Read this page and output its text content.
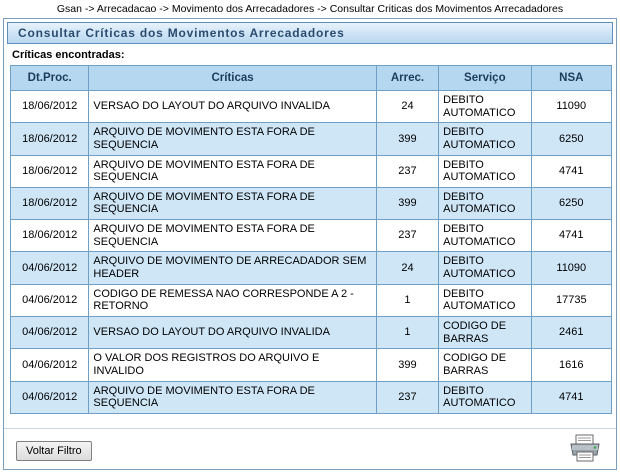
Gsan -> Arrecadacao -> Movimento dos Arrecadadores -> Consultar Criticas dos Movimentos Arrecadadores
Consultar Críticas dos Movimentos Arrecadadores
Críticas encontradas:
Dt.Proc.	Críticas	Arrec.	Serviço	NSA
18/06/2012	VERSAO DO LAYOUT DO ARQUIVO INVALIDA	24	DEBITO AUTOMATICO	11090
18/06/2012	ARQUIVO DE MOVIMENTO ESTA FORA DE SEQUENCIA	399	DEBITO AUTOMATICO	6250
18/06/2012	ARQUIVO DE MOVIMENTO ESTA FORA DE SEQUENCIA	237	DEBITO AUTOMATICO	4741
18/06/2012	ARQUIVO DE MOVIMENTO ESTA FORA DE SEQUENCIA	399	DEBITO AUTOMATICO	6250
18/06/2012	ARQUIVO DE MOVIMENTO ESTA FORA DE SEQUENCIA	237	DEBITO AUTOMATICO	4741
04/06/2012	ARQUIVO DE MOVIMENTO DE ARRECADADOR SEM HEADER	24	DEBITO AUTOMATICO	11090
04/06/2012	CODIGO DE REMESSA NAO CORRESPONDE A 2 - RETORNO	1	DEBITO AUTOMATICO	17735
04/06/2012	VERSAO DO LAYOUT DO ARQUIVO INVALIDA	1	CODIGO DE BARRAS	2461
04/06/2012	O VALOR DOS REGISTROS DO ARQUIVO E INVALIDO	399	CODIGO DE BARRAS	1616
04/06/2012	ARQUIVO DE MOVIMENTO ESTA FORA DE SEQUENCIA	237	DEBITO AUTOMATICO	4741
Voltar Filtro
